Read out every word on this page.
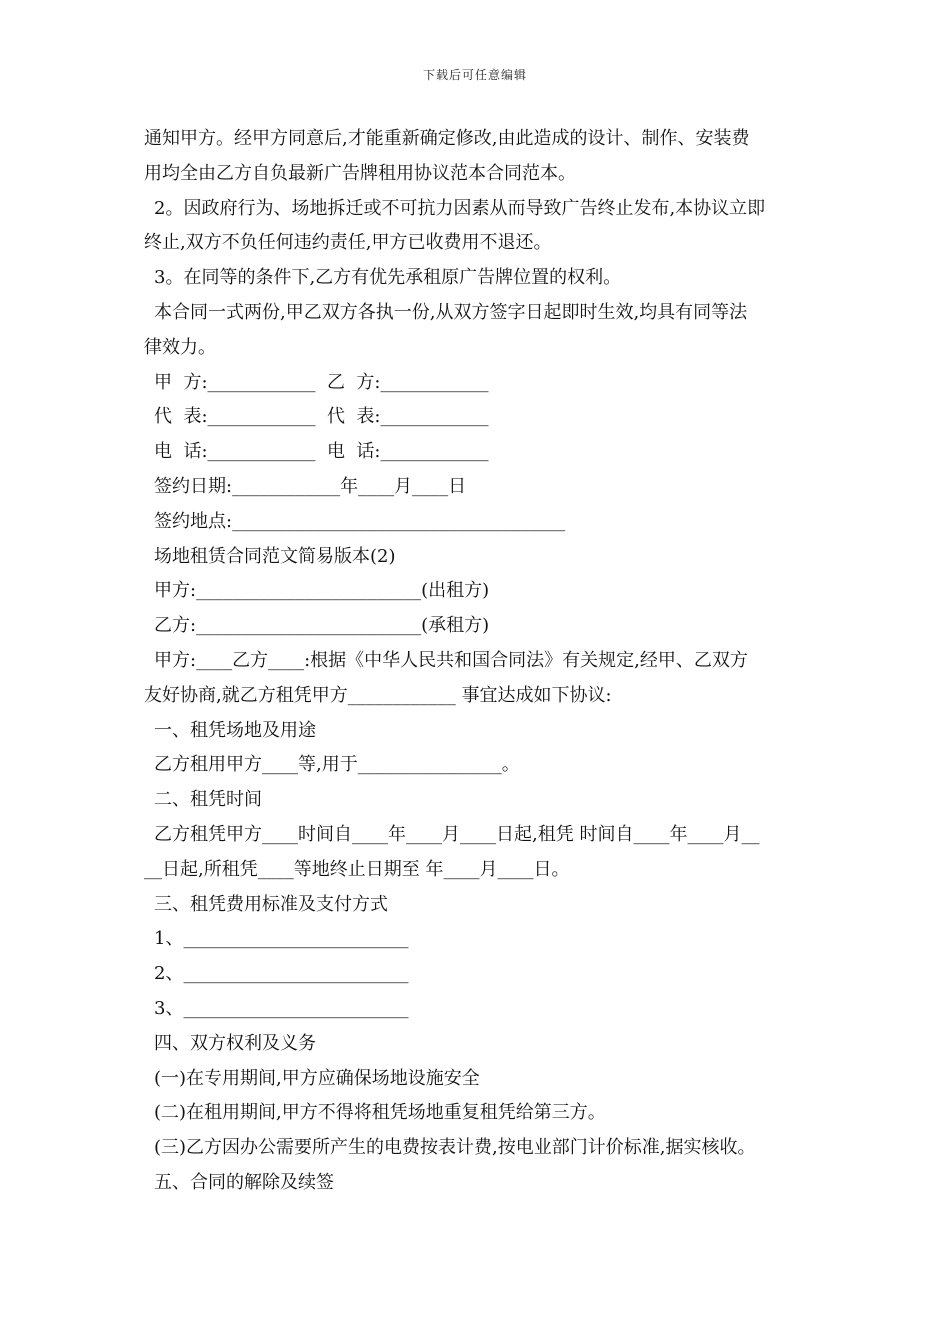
下载后可任意编辑
通知甲方。经甲方同意后,才能重新确定修改,由此造成的设计、制作、安装费
用均全由乙方自负最新广告牌租用协议范本合同范本。
2。因政府行为、场地拆迁或不可抗力因素从而导致广告终止发布,本协议立即
终止,双方不负任何违约责任,甲方已收费用不退还。
3。在同等的条件下,乙方有优先承租原广告牌位置的权利。
本合同一式两份,甲乙双方各执一份,从双方签字日起即时生效,均具有同等法
律效力。
甲  方:____________  乙  方:____________
代  表:____________  代  表:____________
电  话:____________  电  话:____________
签约日期:____________年____月____日
签约地点:_____________________________________
场地租赁合同范文简易版本(2)
甲方:_________________________(出租方)
乙方:_________________________(承租方)
甲方:____乙方____:根据《中华人民共和国合同法》有关规定,经甲、乙双方
友好协商,就乙方租凭甲方____________ 事宜达成如下协议:
一、租凭场地及用途
乙方租用甲方____等,用于________________。
二、租凭时间
乙方租凭甲方____时间自____年____月____日起,租凭 时间自____年____月__
__日起,所租凭____等地终止日期至 年____月____日。
三、租凭费用标准及支付方式
1、_________________________
2、_________________________
3、_________________________
四、双方权利及义务
(一)在专用期间,甲方应确保场地设施安全
(二)在租用期间,甲方不得将租凭场地重复租凭给第三方。
(三)乙方因办公需要所产生的电费按表计费,按电业部门计价标准,据实核收。
五、合同的解除及续签
